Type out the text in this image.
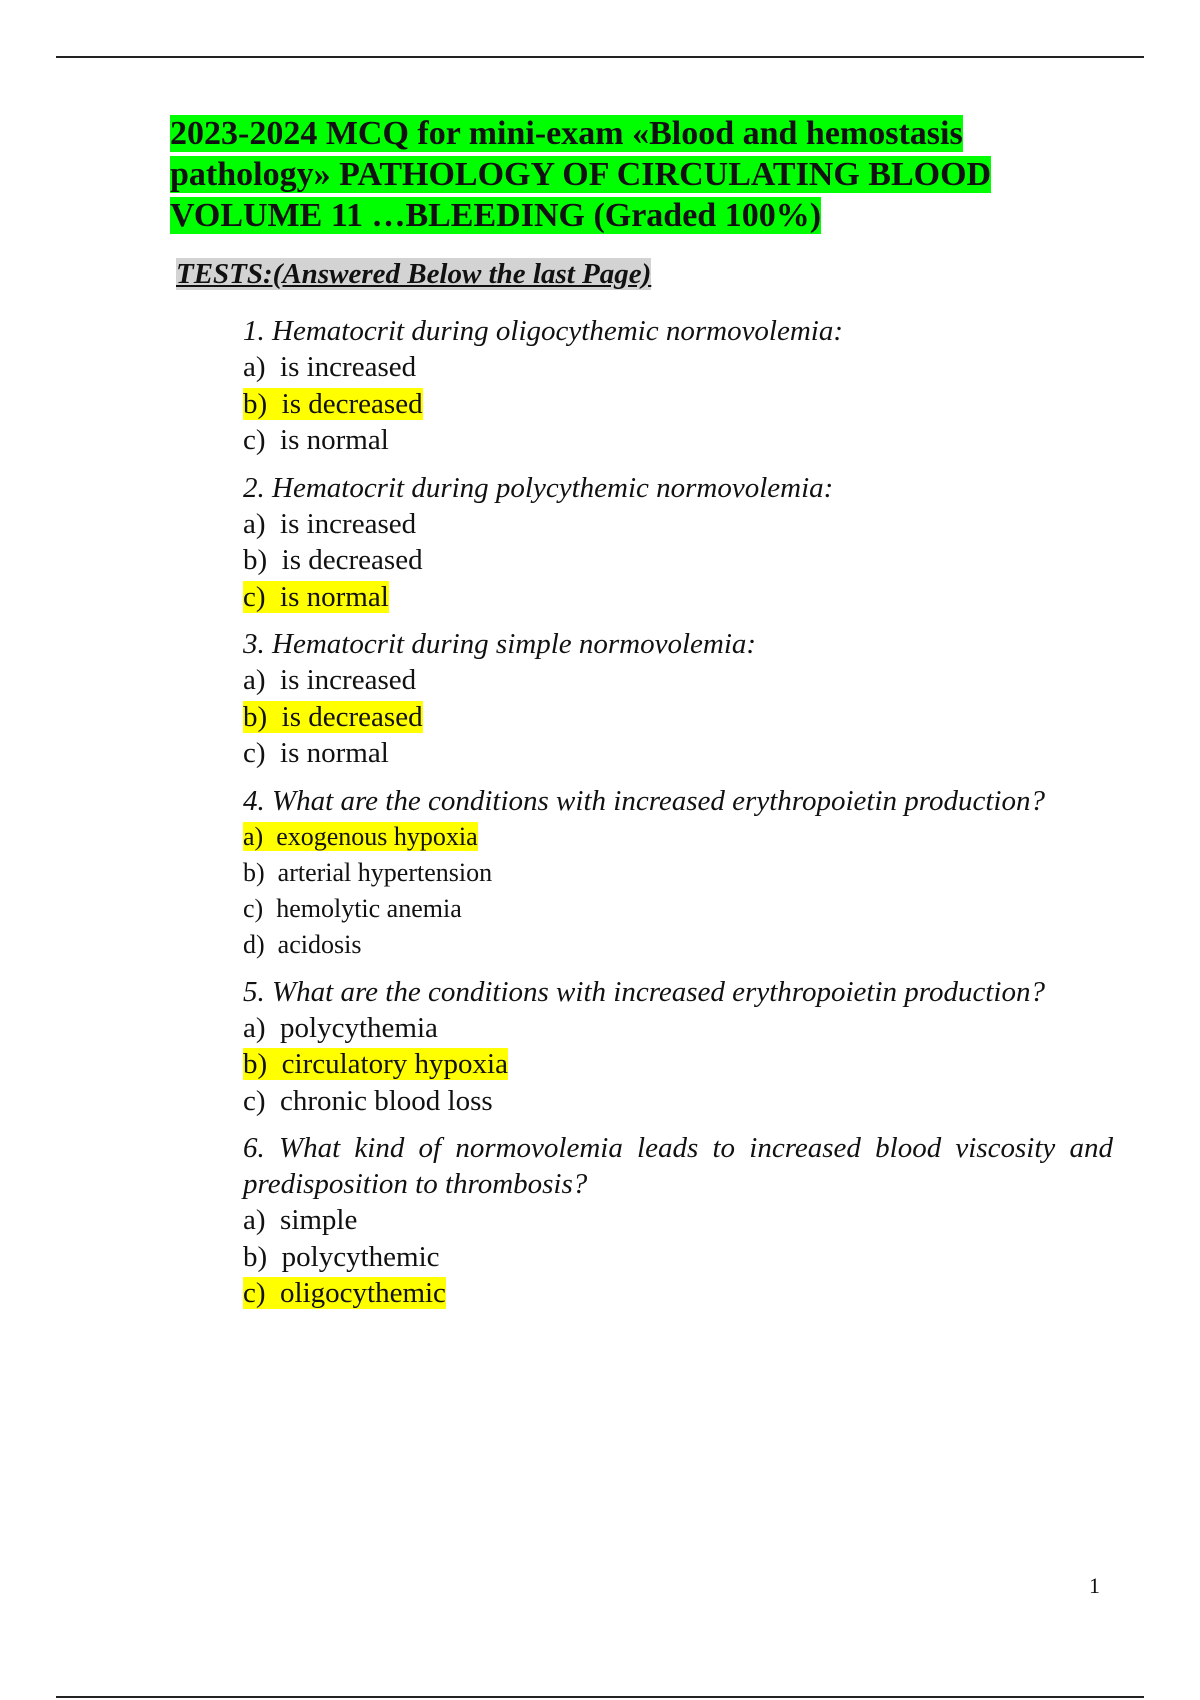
2023-2024 MCQ for mini-exam «Blood and hemostasis pathology» PATHOLOGY OF CIRCULATING BLOOD VOLUME 11 …BLEEDING (Graded 100%)
TESTS:(Answered Below the last Page)
1. Hematocrit during oligocythemic normovolemia:
a) is increased
b) is decreased
c) is normal
2. Hematocrit during polycythemic normovolemia:
a) is increased
b) is decreased
c) is normal
3. Hematocrit during simple normovolemia:
a) is increased
b) is decreased
c) is normal
4. What are the conditions with increased erythropoietin production?
a) exogenous hypoxia
b) arterial hypertension
c) hemolytic anemia
d) acidosis
5. What are the conditions with increased erythropoietin production?
a) polycythemia
b) circulatory hypoxia
c) chronic blood loss
6. What kind of normovolemia leads to increased blood viscosity and predisposition to thrombosis?
a) simple
b) polycythemic
c) oligocythemic
1
